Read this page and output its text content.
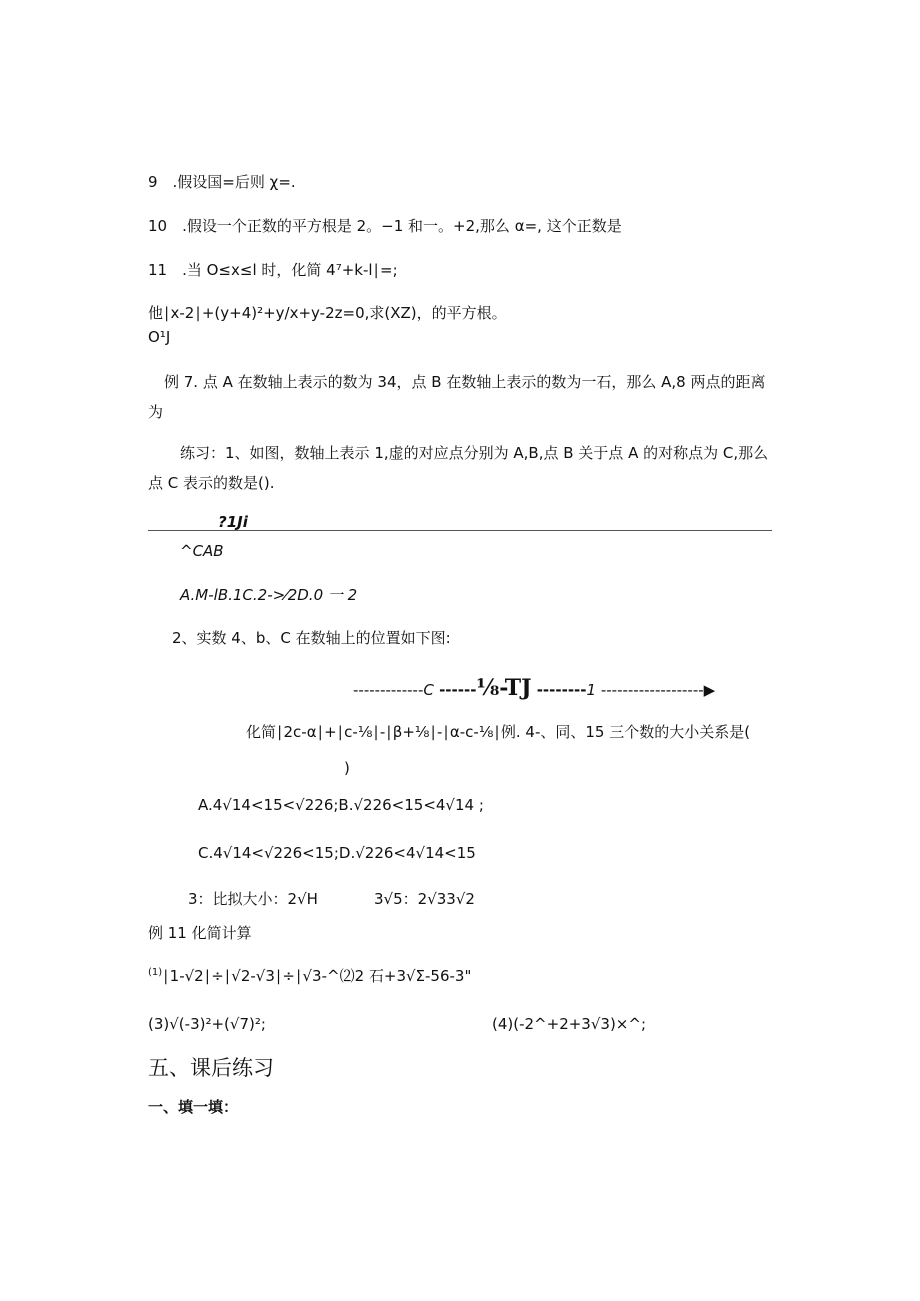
9　.假设国=后则 χ=.
10　.假设一个正数的平方根是 2。−1 和一。+2,那么 α=, 这个正数是
11　.当 O≤x≤l 时，化简 4⁷+k-l∣=;
他∣x-2∣+(y+4)²+y/x+y-2z=0,求(XZ)，的平方根。
O¹J
例 7. 点 A 在数轴上表示的数为 34，点 B 在数轴上表示的数为一石，那么 A,8 两点的距离
为
练习：1、如图，数轴上表示 1,虚的对应点分别为 A,B,点 B 关于点 A 的对称点为 C,那么
点 C 表示的数是().
?1Ji
^CAB
A.M-lB.1C.2->⁄2D.0 一 2
2、实数 4、b、C 在数轴上的位置如下图:
-------------C ------⅛-TJ --------1 -------------------▶
化简∣2c-α∣+∣c-⅛∣-∣β+⅛∣-∣α-c-⅛∣例. 4-、同、15 三个数的大小关系是(
)
A.4√14<15<√226;B.√226<15<4√14 ;
C.4√14<√226<15;D.√226<4√14<15
3：比拟大小：2√H	3√5：2√33√2
例 11 化简计算
$^{(1)}$∣1-√2∣÷∣√2-√3∣÷∣√3-^⑵2 石+3√Σ-56-3"
(3)√(-3)²+(√7)²;	(4)(-2^+2+3√3)×^;
五、课后练习
一、填一填：
